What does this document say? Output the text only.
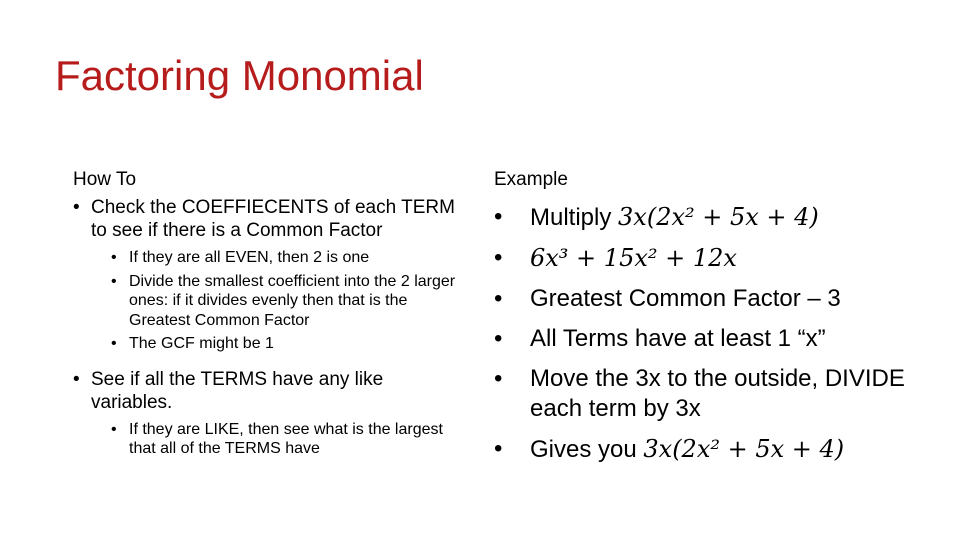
Factoring Monomial
How To
• Check the COEFFIECENTS of each TERM to see if there is a Common Factor
• If they are all EVEN, then 2 is one
• Divide the smallest coefficient into the 2 larger ones: if it divides evenly then that is the Greatest Common Factor
• The GCF might be 1
• See if all the TERMS have any like variables.
• If they are LIKE, then see what is the largest that all of the TERMS have
Example
• Multiply 3x(2x² + 5x + 4)
• 6x³ + 15x² + 12x
• Greatest Common Factor – 3
• All Terms have at least 1 “x”
• Move the 3x to the outside, DIVIDE each term by 3x
• Gives you 3x(2x² + 5x + 4)
